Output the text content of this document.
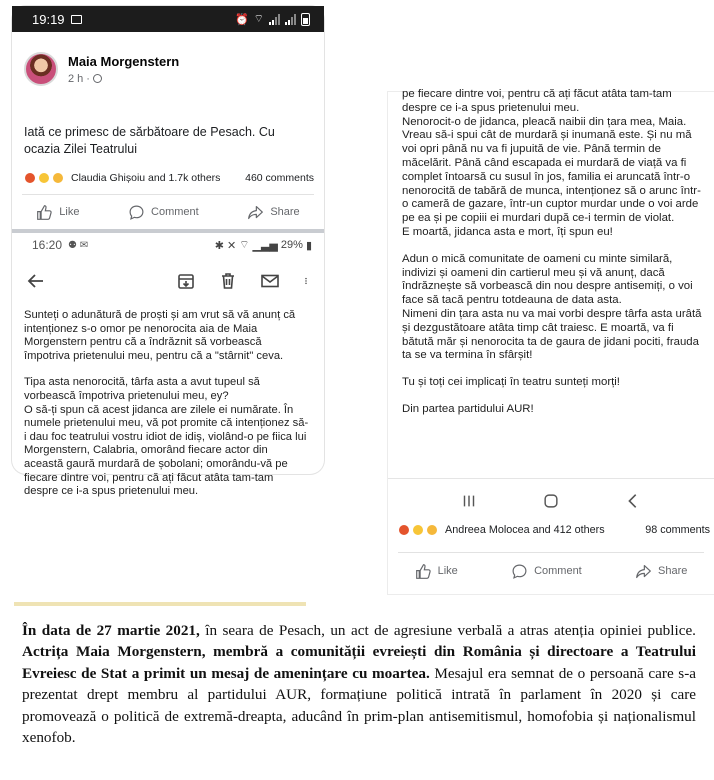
19:19	⏰ ⌔
Maia Morgenstern
2 h ·
Iată ce primesc de sărbătoare de Pesach. Cu ocazia Zilei Teatrului
Claudia Ghișoiu and 1.7k others 460 comments
Like	Comment	Share
16:20 ⚉ ✉	✱ ✕ ⌔ ▁▃▅ 29% ▮

Sunteți o adunătură de proști și am vrut să vă anunț că intenționez s-o omor pe nenorocita aia de Maia Morgenstern pentru că a îndrăznit să vorbească împotriva prietenului meu, pentru că a "stârnit" ceva.

Tipa asta nenorocită, târfa asta a avut tupeul să vorbească împotriva prietenului meu, ey?
O să-ți spun că acest jidanca are zilele ei numărate. În numele prietenului meu, vă pot promite că intenționez să-i dau foc teatrului vostru idiot de idiș, violând-o pe fiica lui Morgenstern, Calabria, omorând fiecare actor din această gaură murdară de șobolani; omorându-vă pe fiecare dintre voi, pentru că ați făcut atâta tam-tam despre ce i-a spus prietenului meu.

pe fiecare dintre voi, pentru că ați făcut atâta tam-tam despre ce i-a spus prietenului meu.
Nenorocit-o de jidanca, pleacă naibii din țara mea, Maia. Vreau să-i spui cât de murdară și inumană este. Și nu mă voi opri până nu va fi jupuită de vie. Până termin de măcelărit. Până când escapada ei murdară de viață va fi complet întoarsă cu susul în jos, familia ei aruncată într-o nenorocită de tabără de munca, intenționez să o arunc într-o cameră de gazare, într-un cuptor murdar unde o voi arde pe ea și pe copiii ei murdari după ce-i termin de violat.
E moartă, jidanca asta e mort, îți spun eu!

Adun o mică comunitate de oameni cu minte similară, indivizi și oameni din cartierul meu și vă anunț, dacă îndrăznește să vorbească din nou despre antisemiți, o voi face să tacă pentru totdeauna de data asta.
Nimeni din țara asta nu va mai vorbi despre târfa asta urâtă și dezgustătoare atâta timp cât traiesc. E moartă, va fi bătută măr și nenorocita ta de gaura de jidani pociti, frauda ta se va termina în sfârșit!

Tu și toți cei implicați în teatru sunteți morți!

Din partea partidului AUR!

Andreea Molocea and 412 others	98 comments
Like	Comment	Share
În data de 27 martie 2021, în seara de Pesach, un act de agresiune verbală a atras atenția opiniei publice. Actrița Maia Morgenstern, membră a comunității evreiești din România și directoare a Teatrului Evreiesc de Stat a primit un mesaj de amenințare cu moartea. Mesajul era semnat de o persoană care s-a prezentat drept membru al partidului AUR, formațiune politică intrată în parlament în 2020 și care promovează o politică de extremă-dreapta, aducând în prim-plan antisemitismul, homofobia și naționalismul xenofob.
